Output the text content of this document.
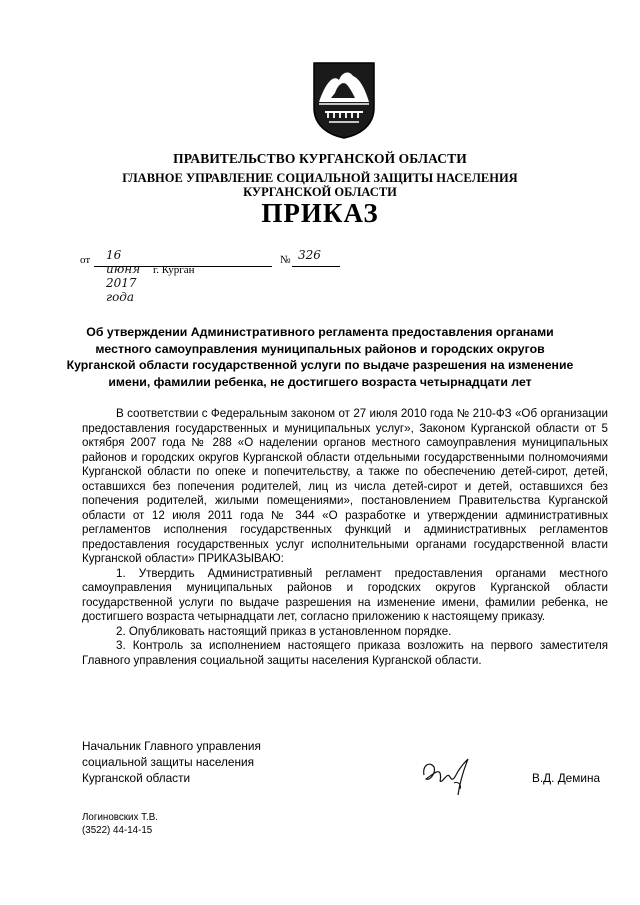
ПРАВИТЕЛЬСТВО КУРГАНСКОЙ ОБЛАСТИ
ГЛАВНОЕ УПРАВЛЕНИЕ СОЦИАЛЬНОЙ ЗАЩИТЫ НАСЕЛЕНИЯ
КУРГАНСКОЙ ОБЛАСТИ
ПРИКАЗ
от 16 июня 2017 года
№ 326
г. Курган
Об утверждении Административного регламента предоставления органами
местного самоуправления муниципальных районов и городских округов
Курганской области государственной услуги по выдаче разрешения на изменение
имени, фамилии ребенка, не достигшего возраста четырнадцати лет

В соответствии с Федеральным законом от 27 июля 2010 года № 210-ФЗ «Об организации предоставления государственных и муниципальных услуг», Законом Курганской области от 5 октября 2007 года № 288 «О наделении органов местного самоуправления муниципальных районов и городских округов Курганской области отдельными государственными полномочиями Курганской области по опеке и попечительству, а также по обеспечению детей-сирот, детей, оставшихся без попечения родителей, лиц из числа детей-сирот и детей, оставшихся без попечения родителей, жилыми помещениями», постановлением Правительства Курганской области от 12 июля 2011 года № 344 «О разработке и утверждении административных регламентов исполнения государственных функций и административных регламентов предоставления государственных услуг исполнительными органами государственной власти Курганской области» ПРИКАЗЫВАЮ:

1. Утвердить Административный регламент предоставления органами местного самоуправления муниципальных районов и городских округов Курганской области государственной услуги по выдаче разрешения на изменение имени, фамилии ребенка, не достигшего возраста четырнадцати лет, согласно приложению к настоящему приказу.

2. Опубликовать настоящий приказ в установленном порядке.

3. Контроль за исполнением настоящего приказа возложить на первого заместителя Главного управления социальной защиты населения Курганской области.

Начальник Главного управления
социальной защиты населения
Курганской области	В.Д. Демина
Логиновских Т.В.
(3522) 44-14-15
